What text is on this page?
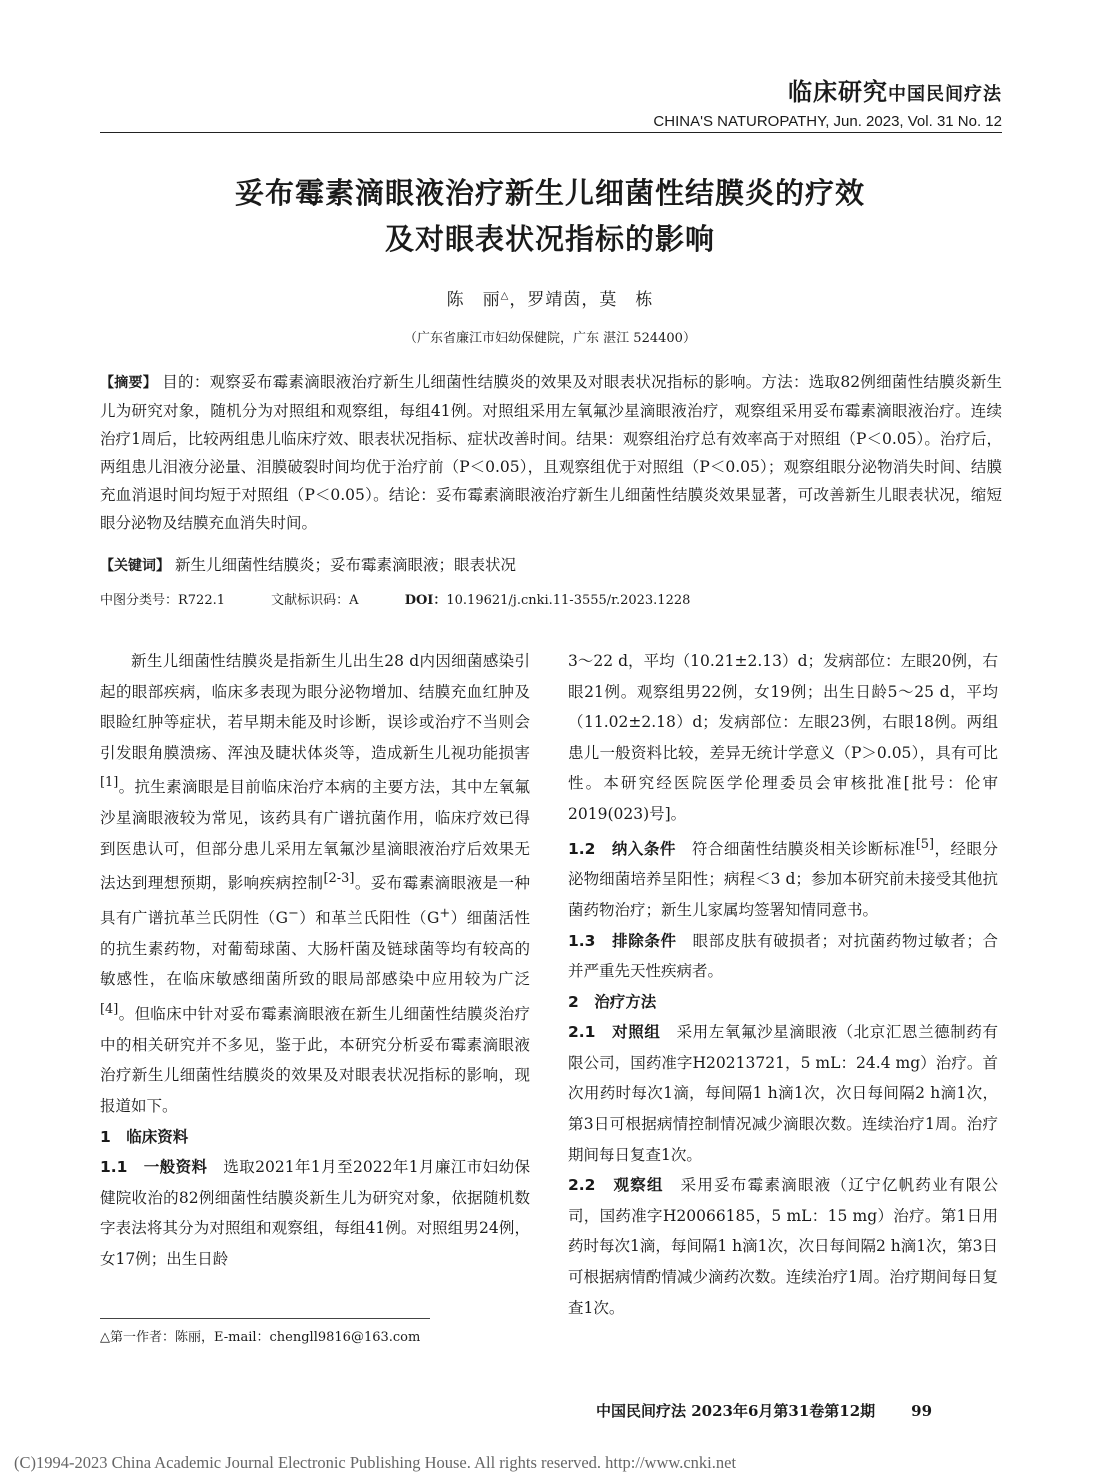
临床研究中国民间疗法
CHINA'S NATUROPATHY, Jun. 2023, Vol. 31 No. 12
妥布霉素滴眼液治疗新生儿细菌性结膜炎的疗效
及对眼表状况指标的影响
陈　丽△，罗靖茵，莫　栋
（广东省廉江市妇幼保健院，广东 湛江 524400）
【摘要】 目的：观察妥布霉素滴眼液治疗新生儿细菌性结膜炎的效果及对眼表状况指标的影响。方法：选取82例细菌性结膜炎新生儿为研究对象，随机分为对照组和观察组，每组41例。对照组采用左氧氟沙星滴眼液治疗，观察组采用妥布霉素滴眼液治疗。连续治疗1周后，比较两组患儿临床疗效、眼表状况指标、症状改善时间。结果：观察组治疗总有效率高于对照组（P＜0.05）。治疗后，两组患儿泪液分泌量、泪膜破裂时间均优于治疗前（P＜0.05），且观察组优于对照组（P＜0.05）；观察组眼分泌物消失时间、结膜充血消退时间均短于对照组（P＜0.05）。结论：妥布霉素滴眼液治疗新生儿细菌性结膜炎效果显著，可改善新生儿眼表状况，缩短眼分泌物及结膜充血消失时间。
【关键词】 新生儿细菌性结膜炎；妥布霉素滴眼液；眼表状况
中图分类号：R722.1	文献标识码：A	DOI：10.19621/j.cnki.11-3555/r.2023.1228

新生儿细菌性结膜炎是指新生儿出生28 d内因细菌感染引起的眼部疾病，临床多表现为眼分泌物增加、结膜充血红肿及眼睑红肿等症状，若早期未能及时诊断，误诊或治疗不当则会引发眼角膜溃疡、浑浊及睫状体炎等，造成新生儿视功能损害[1]。抗生素滴眼是目前临床治疗本病的主要方法，其中左氧氟沙星滴眼液较为常见，该药具有广谱抗菌作用，临床疗效已得到医患认可，但部分患儿采用左氧氟沙星滴眼液治疗后效果无法达到理想预期，影响疾病控制[2-3]。妥布霉素滴眼液是一种具有广谱抗革兰氏阴性（G−）和革兰氏阳性（G+）细菌活性的抗生素药物，对葡萄球菌、大肠杆菌及链球菌等均有较高的敏感性，在临床敏感细菌所致的眼局部感染中应用较为广泛[4]。但临床中针对妥布霉素滴眼液在新生儿细菌性结膜炎治疗中的相关研究并不多见，鉴于此，本研究分析妥布霉素滴眼液治疗新生儿细菌性结膜炎的效果及对眼表状况指标的影响，现报道如下。

1　临床资料

1.1　一般资料　选取2021年1月至2022年1月廉江市妇幼保健院收治的82例细菌性结膜炎新生儿为研究对象，依据随机数字表法将其分为对照组和观察组，每组41例。对照组男24例，女17例；出生日龄

3～22 d，平均（10.21±2.13）d；发病部位：左眼20例，右眼21例。观察组男22例，女19例；出生日龄5～25 d，平均（11.02±2.18）d；发病部位：左眼23例，右眼18例。两组患儿一般资料比较，差异无统计学意义（P＞0.05），具有可比性。本研究经医院医学伦理委员会审核批准[批号：伦审2019(023)号]。

1.2　纳入条件　符合细菌性结膜炎相关诊断标准[5]，经眼分泌物细菌培养呈阳性；病程＜3 d；参加本研究前未接受其他抗菌药物治疗；新生儿家属均签署知情同意书。

1.3　排除条件　眼部皮肤有破损者；对抗菌药物过敏者；合并严重先天性疾病者。

2　治疗方法

2.1　对照组　采用左氧氟沙星滴眼液（北京汇恩兰德制药有限公司，国药准字H20213721，5 mL：24.4 mg）治疗。首次用药时每次1滴，每间隔1 h滴1次，次日每间隔2 h滴1次，第3日可根据病情控制情况减少滴眼次数。连续治疗1周。治疗期间每日复查1次。

2.2　观察组　采用妥布霉素滴眼液（辽宁亿帆药业有限公司，国药准字H20066185，5 mL：15 mg）治疗。第1日用药时每次1滴，每间隔1 h滴1次，次日每间隔2 h滴1次，第3日可根据病情酌情减少滴药次数。连续治疗1周。治疗期间每日复查1次。

△第一作者：陈丽，E-mail：chengll9816@163.com
中国民间疗法 2023年6月第31卷第12期 99
(C)1994-2023 China Academic Journal Electronic Publishing House. All rights reserved. http://www.cnki.net
